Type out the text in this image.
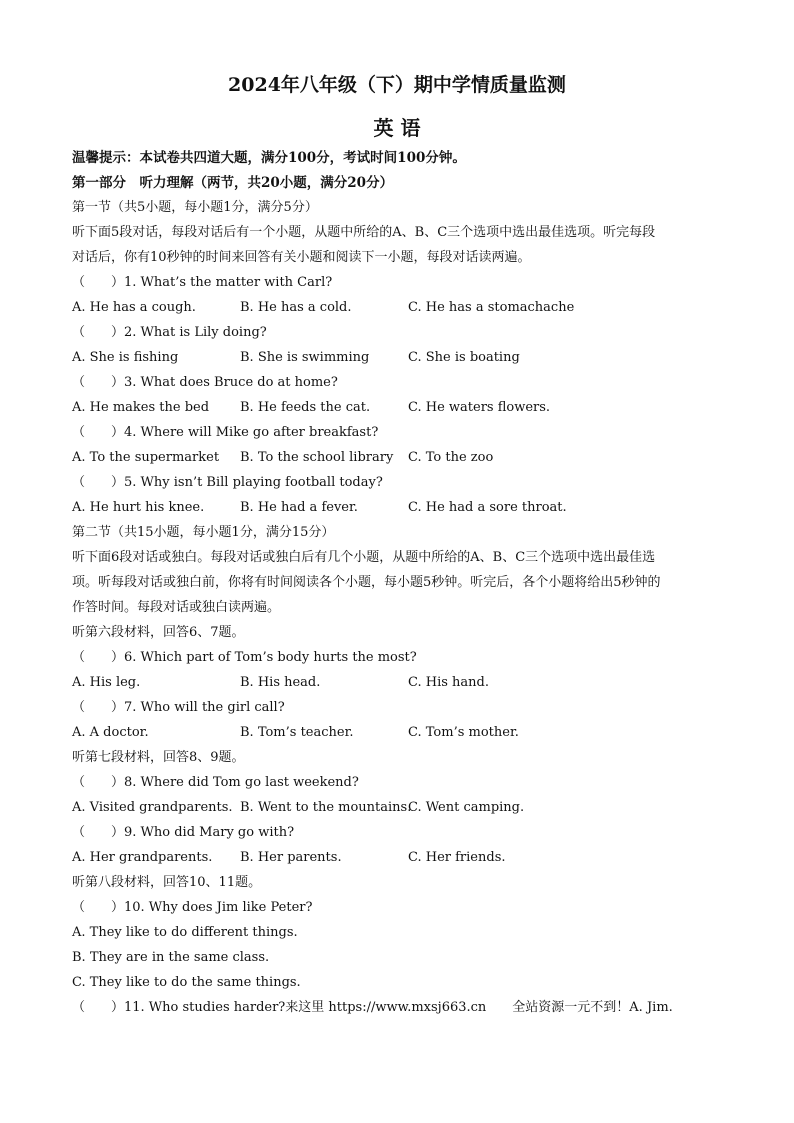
2024年八年级（下）期中学情质量监测
英 语
温馨提示：本试卷共四道大题，满分100分，考试时间100分钟。
第一部分　听力理解（两节，共20小题，满分20分）
第一节（共5小题，每小题1分，满分5分）
听下面5段对话，每段对话后有一个小题，从题中所给的A、B、C三个选项中选出最佳选项。听完每段
对话后，你有10秒钟的时间来回答有关小题和阅读下一小题，每段对话读两遍。
（　　）1. What’s the matter with Carl?
A. He has a cough.	B. He has a cold.	C. He has a stomachache
（　　）2. What is Lily doing?
A. She is fishing	B. She is swimming	C. She is boating
（　　）3. What does Bruce do at home?
A. He makes the bed B. He feeds the cat.	C. He waters flowers.
（　　）4. Where will Mike go after breakfast?
A. To the supermarket B. To the school library C. To the zoo
（　　）5. Why isn’t Bill playing football today?
A. He hurt his knee.	B. He had a fever.	C. He had a sore throat.
第二节（共15小题，每小题1分，满分15分）
听下面6段对话或独白。每段对话或独白后有几个小题，从题中所给的A、B、C三个选项中选出最佳选
项。听每段对话或独白前，你将有时间阅读各个小题，每小题5秒钟。听完后，各个小题将给出5秒钟的
作答时间。每段对话或独白读两遍。
听第六段材料，回答6、7题。
（　　）6. Which part of Tom’s body hurts the most?
A. His leg.	B. His head.	C. His hand.
（　　）7. Who will the girl call?
A. A doctor.	B. Tom’s teacher.	C. Tom’s mother.
听第七段材料，回答8、9题。
（　　）8. Where did Tom go last weekend?
A. Visited grandparents. B. Went to the mountains.
C. Went camping.
（　　）9. Who did Mary go with?
A. Her grandparents. B. Her parents.	C. Her friends.
听第八段材料，回答10、11题。
（　　）10. Why does Jim like Peter?
A. They like to do different things.
B. They are in the same class.
C. They like to do the same things.
（　　）11. Who studies harder?来这里 https://www.mxsj663.cn　　全站资源一元不到！A. Jim.
